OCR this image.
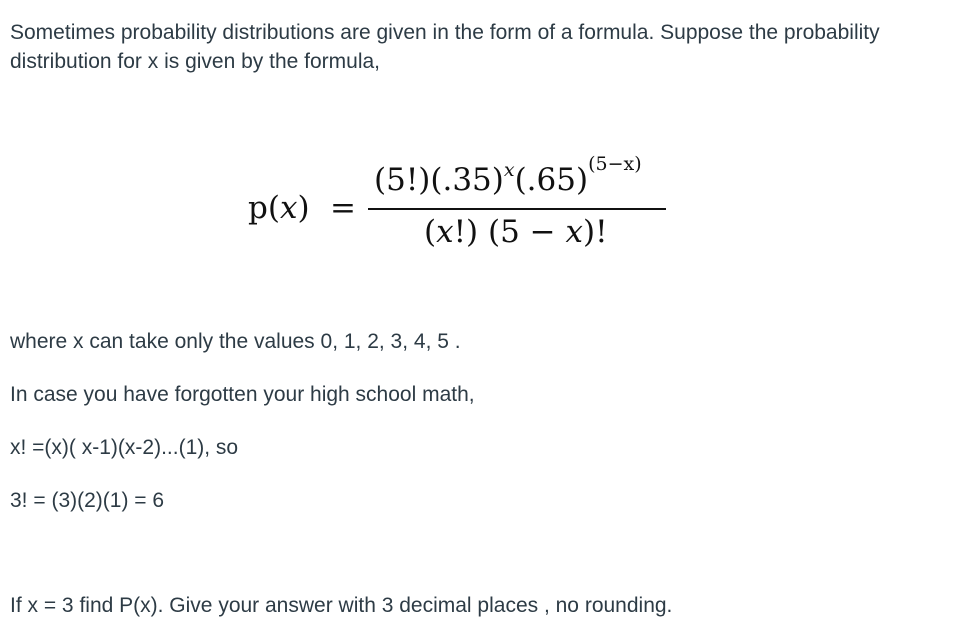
Sometimes probability distributions are given in the form of a formula. Suppose the probability distribution for x is given by the formula,

p(x) =
$(5!)(.35)^x(.65)^{(5-x)}$
(x!) (5 − x)!

where x can take only the values 0, 1, 2, 3, 4, 5 .

In case you have forgotten your high school math,

x! =(x)( x-1)(x-2)...(1), so

3! = (3)(2)(1) = 6

If x = 3 find P(x). Give your answer with 3 decimal places , no rounding.
